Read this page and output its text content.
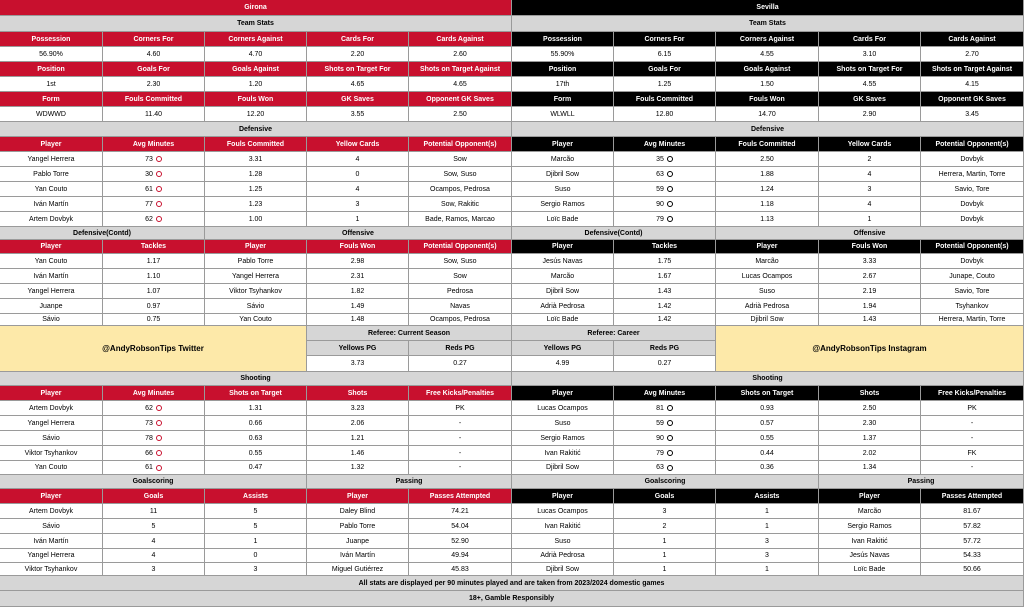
Girona
Team Stats
Possession	Corners For	Corners Against	Cards For	Cards Against
56.90%	4.60	4.70	2.20	2.60
Position	Goals For	Goals Against	Shots on Target For	Shots on Target Against
1st	2.30	1.20	4.65	4.65
Form	Fouls Committed	Fouls Won	GK Saves	Opponent GK Saves
WDWWD	11.40	12.20	3.55	2.50
Defensive
Player	Avg Minutes	Fouls Committed	Yellow Cards	Potential Opponent(s)
Yangel Herrera	73	3.31	4	Sow
Pablo Torre	30	1.28	0	Sow, Suso
Yan Couto	61	1.25	4	Ocampos, Pedrosa
Iván Martín	77	1.23	3	Sow, Rakitic
Artem Dovbyk	62	1.00	1	Bade, Ramos, Marcao
Defensive(Contd)	Offensive
Player	Tackles	Player	Fouls Won	Potential Opponent(s)
Yan Couto	1.17	Pablo Torre	2.98	Sow, Suso
Iván Martín	1.10	Yangel Herrera	2.31	Sow
Yangel Herrera	1.07	Viktor Tsyhankov	1.82	Pedrosa
Juanpe	0.97	Sávio	1.49	Navas
Sávio	0.75	Yan Couto	1.48	Ocampos, Pedrosa
Shooting
Player	Avg Minutes	Shots on Target	Shots	Free Kicks/Penalties
Artem Dovbyk	62	1.31	3.23	PK
Yangel Herrera	73	0.66	2.06	-
Sávio	78	0.63	1.21	-
Viktor Tsyhankov	66	0.55	1.46	-
Yan Couto	61	0.47	1.32	-
Goalscoring	Passing
Player	Goals	Assists	Player	Passes Attempted
Artem Dovbyk	11	5	Daley Blind	74.21
Sávio	5	5	Pablo Torre	54.04
Iván Martín	4	1	Juanpe	52.90
Yangel Herrera	4	0	Iván Martín	49.94
Viktor Tsyhankov	3	3	Miguel Gutiérrez	45.83
Sevilla
Team Stats
Possession	Corners For	Corners Against	Cards For	Cards Against
55.90%	6.15	4.55	3.10	2.70
Position	Goals For	Goals Against	Shots on Target For	Shots on Target Against
17th	1.25	1.50	4.55	4.15
Form	Fouls Committed	Fouls Won	GK Saves	Opponent GK Saves
WLWLL	12.80	14.70	2.90	3.45
Defensive
Player	Avg Minutes	Fouls Committed	Yellow Cards	Potential Opponent(s)
Marcão	35	2.50	2	Dovbyk
Djibril Sow	63	1.88	4	Herrera, Martin, Torre
Suso	59	1.24	3	Savio, Tore
Sergio Ramos	90	1.18	4	Dovbyk
Loïc Bade	79	1.13	1	Dovbyk
Defensive(Contd)	Offensive
Player	Tackles	Player	Fouls Won	Potential Opponent(s)
Jesús Navas	1.75	Marcão	3.33	Dovbyk
Marcão	1.67	Lucas Ocampos	2.67	Junape, Couto
Djibril Sow	1.43	Suso	2.19	Savio, Tore
Adrià Pedrosa	1.42	Adrià Pedrosa	1.94	Tsyhankov
Loïc Bade	1.42	Djibril Sow	1.43	Herrera, Martin, Torre
Shooting
Player	Avg Minutes	Shots on Target	Shots	Free Kicks/Penalties
Lucas Ocampos	81	0.93	2.50	PK
Suso	59	0.57	2.30	-
Sergio Ramos	90	0.55	1.37	-
Ivan Rakitić	79	0.44	2.02	FK
Djibril Sow	63	0.36	1.34	-
Goalscoring	Passing
Player	Goals	Assists	Player	Passes Attempted
Lucas Ocampos	3	1	Marcão	81.67
Ivan Rakitić	2	1	Sergio Ramos	57.82
Suso	1	3	Ivan Rakitić	57.72
Adrià Pedrosa	1	3	Jesús Navas	54.33
Djibril Sow	1	1	Loïc Bade	50.66
@AndyRobsonTips Twitter
Referee: Current Season
Yellows PG	Reds PG
3.73	0.27
Referee: Career
Yellows PG	Reds PG
4.99	0.27
@AndyRobsonTips Instagram
All stats are displayed per 90 minutes played and are taken from 2023/2024 domestic games
18+, Gamble Responsibly
